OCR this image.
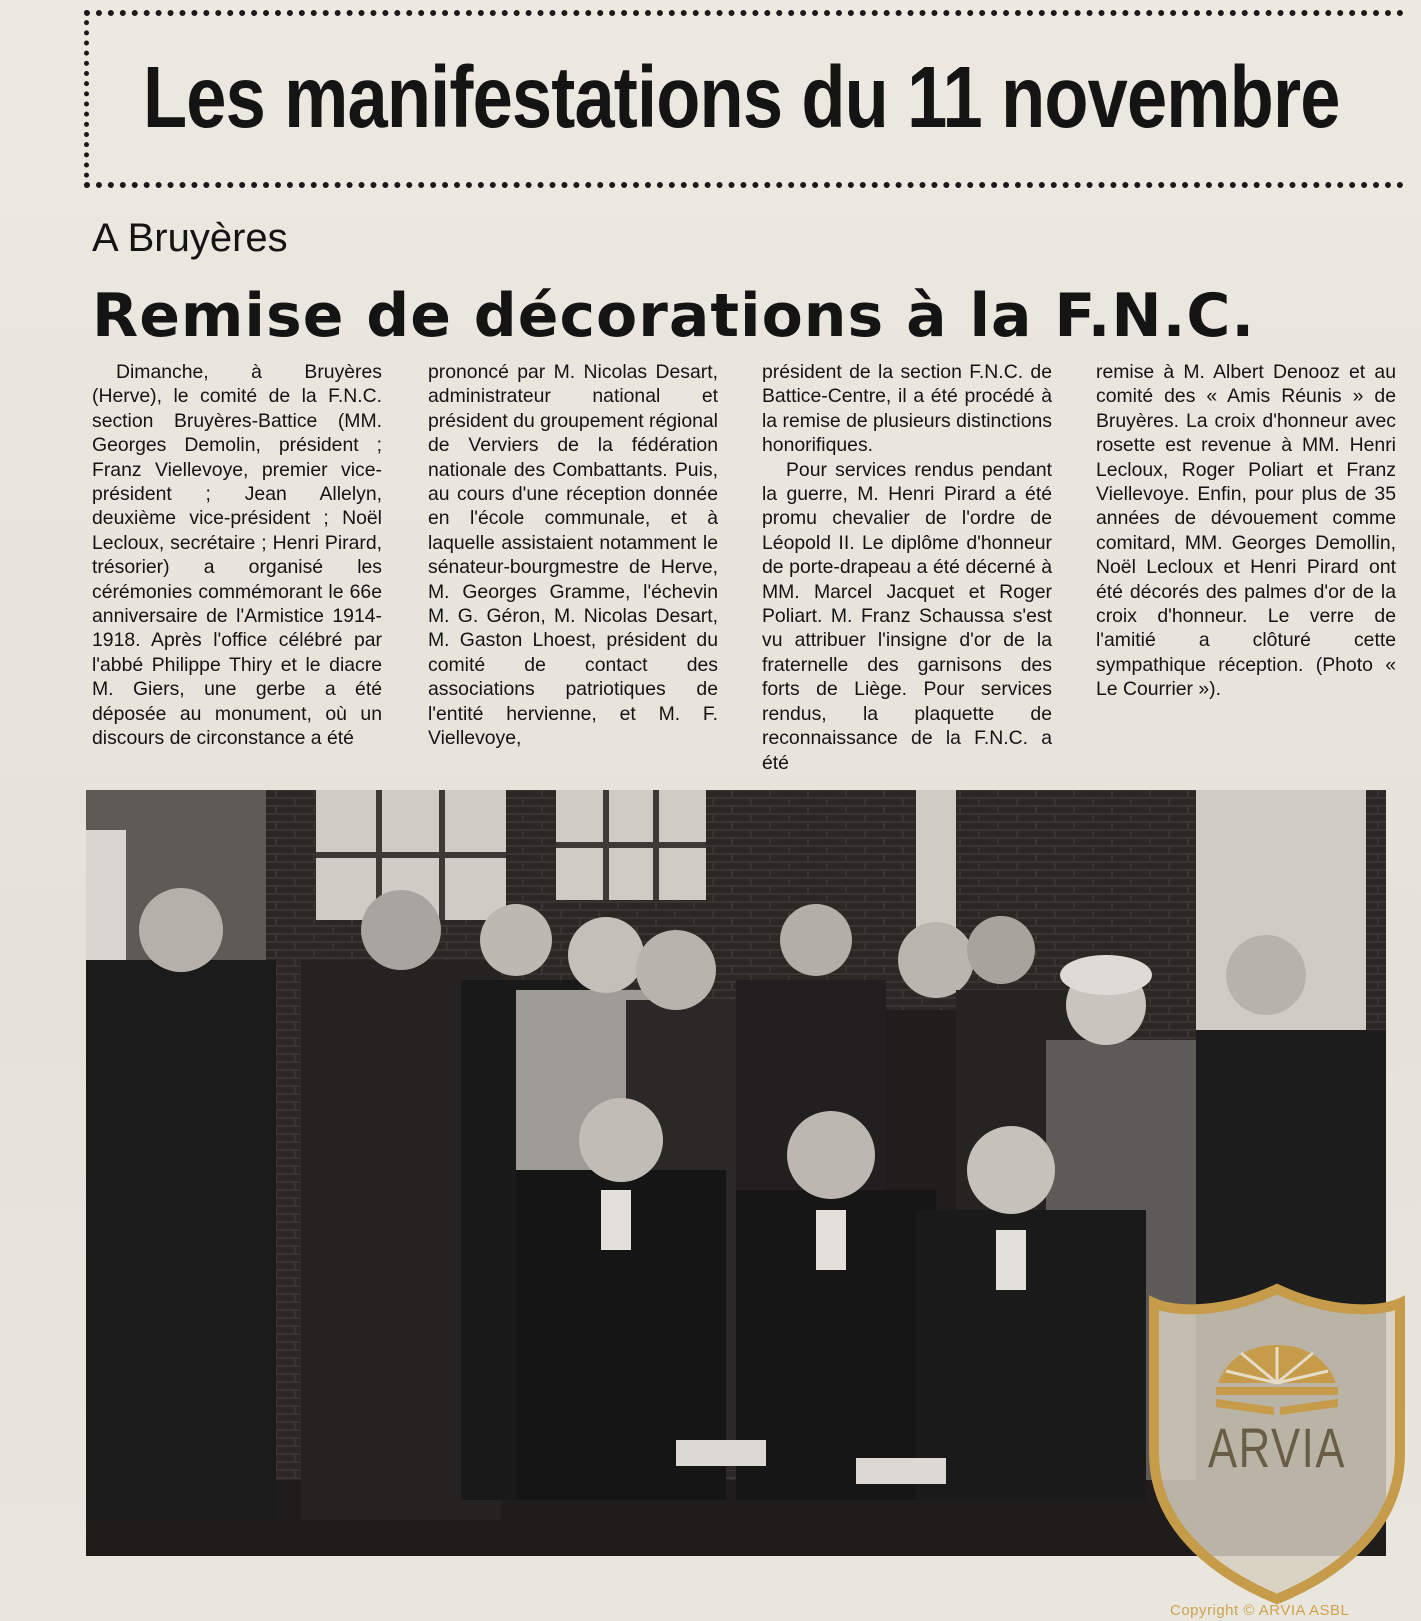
Les manifestations du 11 novembre
A Bruyères
Remise de décorations à la F.N.C.

Dimanche, à Bruyères (Herve), le comité de la F.N.C. section Bruyères-Battice (MM. Georges Demolin, président ; Franz Viellevoye, premier vice-président ; Jean Allelyn, deuxième vice-président ; Noël Lecloux, secrétaire ; Henri Pirard, trésorier) a organisé les cérémonies commémorant le 66e anniversaire de l'Armistice 1914-1918. Après l'office célébré par l'abbé Philippe Thiry et le diacre M. Giers, une gerbe a été déposée au monument, où un discours de circonstance a été

prononcé par M. Nicolas Desart, administrateur national et président du groupement régional de Verviers de la fédération nationale des Combattants. Puis, au cours d'une réception donnée en l'école communale, et à laquelle assistaient notamment le sénateur-bourgmestre de Herve, M. Georges Gramme, l'échevin M. G. Géron, M. Nicolas Desart, M. Gaston Lhoest, président du comité de contact des associations patriotiques de l'entité hervienne, et M. F. Viellevoye,

président de la section F.N.C. de Battice-Centre, il a été procédé à la remise de plusieurs distinctions honorifiques.

Pour services rendus pendant la guerre, M. Henri Pirard a été promu chevalier de l'ordre de Léopold II. Le diplôme d'honneur de porte-drapeau a été décerné à MM. Marcel Jacquet et Roger Poliart. M. Franz Schaussa s'est vu attribuer l'insigne d'or de la fraternelle des garnisons des forts de Liège. Pour services rendus, la plaquette de reconnaissance de la F.N.C. a été

remise à M. Albert Denooz et au comité des « Amis Réunis » de Bruyères. La croix d'honneur avec rosette est revenue à MM. Henri Lecloux, Roger Poliart et Franz Viellevoye. Enfin, pour plus de 35 années de dévouement comme comitard, MM. Georges Demollin, Noël Lecloux et Henri Pirard ont été décorés des palmes d'or de la croix d'honneur. Le verre de l'amitié a clôturé cette sympathique réception. (Photo « Le Courrier »).

ARVIA
Copyright © ARVIA ASBL
